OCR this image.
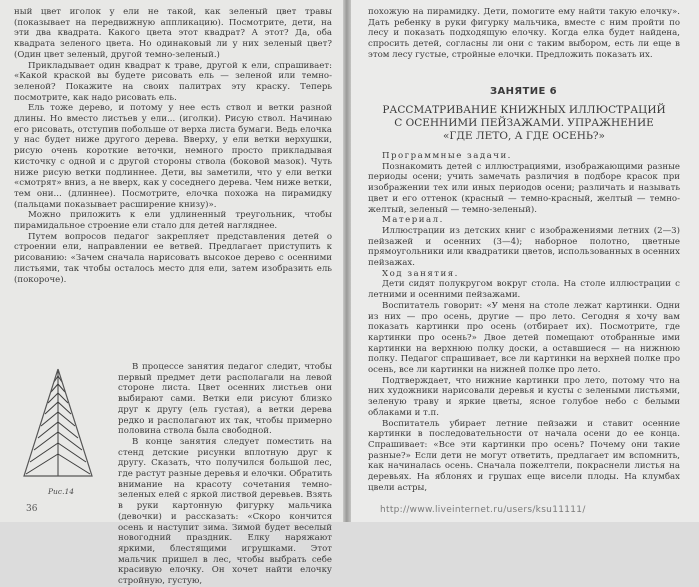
ный цвет иголок у ели не такой, как зеленый цвет травы (показывает на передвижную аппликацию). Посмотрите, дети, на эти два квадрата. Какого цвета этот квадрат? А этот? Да, оба квадрата зеленого цвета. Но одинаковый ли у них зеленый цвет? (Один цвет зеленый, другой темно-зеленый.)

Прикладывает один квадрат к траве, другой к ели, спрашивает: «Какой краской вы будете рисовать ель — зеленой или темно-зеленой? Покажите на своих палитрах эту краску. Теперь посмотрите, как надо рисовать ель.

Ель тоже дерево, и потому у нее есть ствол и ветки разной длины. Но вместо листьев у ели... (иголки). Рисую ствол. Начинаю его рисовать, отступив побольше от верха листа бумаги. Ведь елочка у нас будет ниже другого дерева. Вверху, у ели ветки верхушки, рисую очень короткие веточки, немного просто прикладывая кисточку с одной и с другой стороны ствола (боковой мазок). Чуть ниже рисую ветки подлиннее. Дети, вы заметили, что у ели ветки «смотрят» вниз, а не вверх, как у соседнего дерева. Чем ниже ветки, тем они... (длиннее). Посмотрите, елочка похожа на пирамидку (пальцами показывает расширение книзу)».

Можно приложить к ели удлиненный треугольник, чтобы пирамидальное строение ели стало для детей нагляднее.

Путем вопросов педагог закрепляет представления детей о строении ели, направлении ее ветвей. Предлагает приступить к рисованию: «Зачем сначала нарисовать высокое дерево с осенними листьями, так чтобы осталось место для ели, затем изобразить ель (покороче).

В процессе занятия педагог следит, чтобы первый предмет дети располагали на левой стороне листа. Цвет осенних листьев они выбирают сами. Ветки ели рисуют близко друг к другу (ель густая), а ветки дерева редко и располагают их так, чтобы примерно половина ствола была свободной.

В конце занятия следует поместить на стенд детские рисунки вплотную друг к другу. Сказать, что получился большой лес, где растут разные деревья и елочки. Обратить внимание на красоту сочетания темно-зеленых елей с яркой листвой деревьев. Взять в руки картонную фигурку мальчика (девочки) и рассказать: «Скоро кончится осень и наступит зима. Зимой будет веселый новогодний праздник. Елку наряжают яркими, блестящими игрушками. Этот мальчик пришел в лес, чтобы выбрать себе красивую елочку. Он хочет найти елочку стройную, густую,

Рис.14
36

похожую на пирамидку. Дети, помогите ему найти такую елочку». Дать ребенку в руки фигурку мальчика, вместе с ним пройти по лесу и показать подходящую елочку. Когда елка будет найдена, спросить детей, согласны ли они с таким выбором, есть ли еще в этом лесу густые, стройные елочки. Предложить показать их.

ЗАНЯТИЕ 6
РАССМАТРИВАНИЕ КНИЖНЫХ ИЛЛЮСТРАЦИЙ С ОСЕННИМИ ПЕЙЗАЖАМИ. УПРАЖНЕНИЕ «ГДЕ ЛЕТО, А ГДЕ ОСЕНЬ?»

Программные задачи.

Познакомить детей с иллюстрациями, изображающими разные периоды осени; учить замечать различия в подборе красок при изображении тех или иных периодов осени; различать и называть цвет и его оттенок (красный — темно-красный, желтый — темно-желтый, зеленый — темно-зеленый).

Материал.

Иллюстрации из детских книг с изображениями летних (2—3) пейзажей и осенних (3—4); наборное полотно, цветные прямоугольники или квадратики цветов, использованных в осенних пейзажах.

Ход занятия.

Дети сидят полукругом вокруг стола. На столе иллюстрации с летними и осенними пейзажами.

Воспитатель говорит: «У меня на столе лежат картинки. Одни из них — про осень, другие — про лето. Сегодня я хочу вам показать картинки про осень (отбирает их). Посмотрите, где картинки про осень?» Двое детей помещают отобранные ими картинки на верхнюю полку доски, а оставшиеся — на нижнюю полку. Педагог спрашивает, все ли картинки на верхней полке про осень, все ли картинки на нижней полке про лето.

Подтверждает, что нижние картинки про лето, потому что на них художники нарисовали деревья и кусты с зелеными листьями, зеленую траву и яркие цветы, ясное голубое небо с белыми облаками и т.п.

Воспитатель убирает летние пейзажи и ставит осенние картинки в последовательности от начала осени до ее конца. Спрашивает: «Все эти картинки про осень? Почему они такие разные?» Если дети не могут ответить, предлагает им вспомнить, как начиналась осень. Сначала пожелтели, покраснели листья на деревьях. На яблонях и грушах еще висели плоды. На клумбах цвели астры,

http://www.liveinternet.ru/users/ksu11111/
